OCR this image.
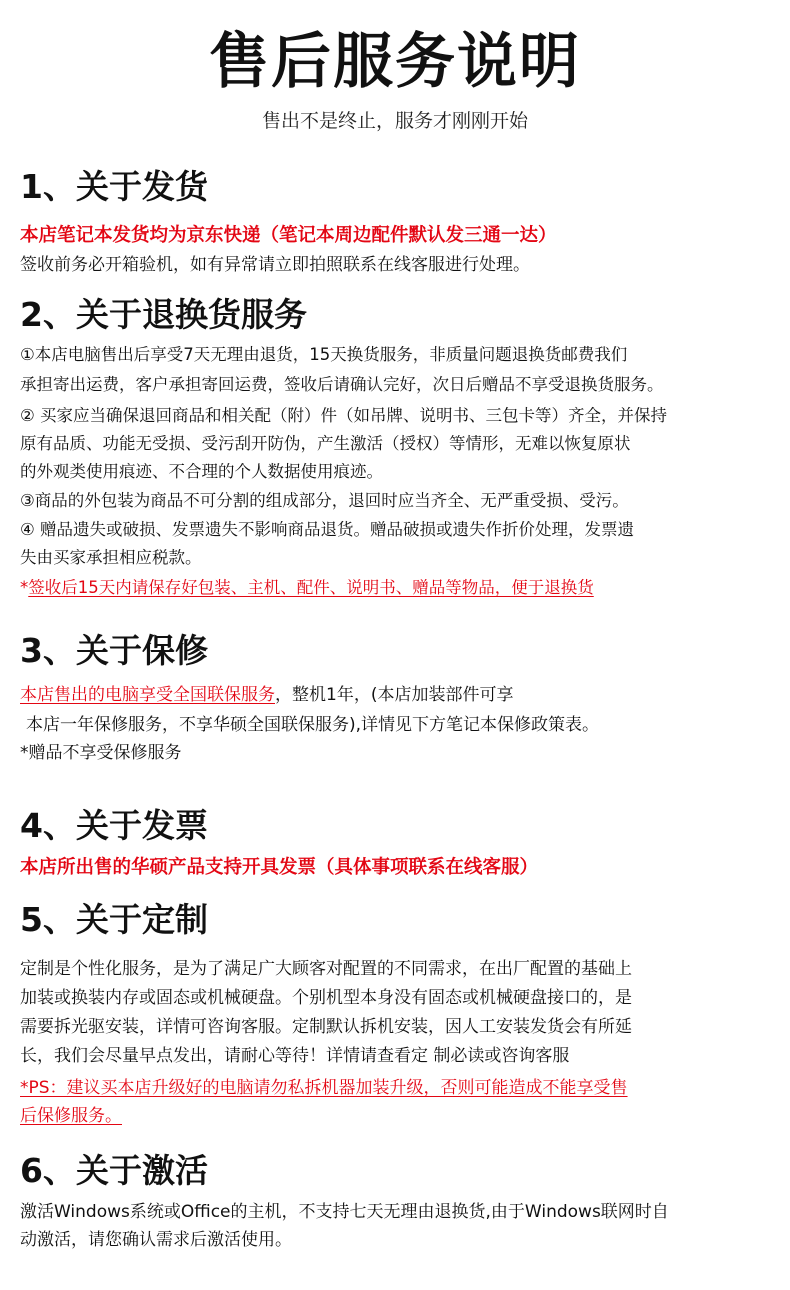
售后服务说明
售出不是终止，服务才刚刚开始
1、关于发货
本店笔记本发货均为京东快递（笔记本周边配件默认发三通一达）
签收前务必开箱验机，如有异常请立即拍照联系在线客服进行处理。
2、关于退换货服务
①本店电脑售出后享受7天无理由退货，15天换货服务，非质量问题退换货邮费我们
承担寄出运费，客户承担寄回运费，签收后请确认完好，次日后赠品不享受退换货服务。
② 买家应当确保退回商品和相关配（附）件（如吊牌、说明书、三包卡等）齐全，并保持
原有品质、功能无受损、受污刮开防伪，产生激活（授权）等情形，无难以恢复原状
的外观类使用痕迹、不合理的个人数据使用痕迹。
③商品的外包装为商品不可分割的组成部分，退回时应当齐全、无严重受损、受污。
④ 赠品遗失或破损、发票遗失不影响商品退货。赠品破损或遗失作折价处理，发票遗
失由买家承担相应税款。
*签收后15天内请保存好包装、主机、配件、说明书、赠品等物品，便于退换货
3、关于保修
本店售出的电脑享受全国联保服务，整机1年，(本店加装部件可享
本店一年保修服务，不享华硕全国联保服务),详情见下方笔记本保修政策表。
*赠品不享受保修服务
4、关于发票
本店所出售的华硕产品支持开具发票（具体事项联系在线客服）
5、关于定制
定制是个性化服务，是为了满足广大顾客对配置的不同需求，在出厂配置的基础上
加装或换装内存或固态或机械硬盘。个别机型本身没有固态或机械硬盘接口的，是
需要拆光驱安装，详情可咨询客服。定制默认拆机安装，因人工安装发货会有所延
长，我们会尽量早点发出，请耐心等待！详情请查看定 制必读或咨询客服
*PS：建议买本店升级好的电脑请勿私拆机器加装升级，否则可能造成不能享受售
后保修服务。
6、关于激活
激活Windows系统或Office的主机，不支持七天无理由退换货,由于Windows联网时自
动激活，请您确认需求后激活使用。
